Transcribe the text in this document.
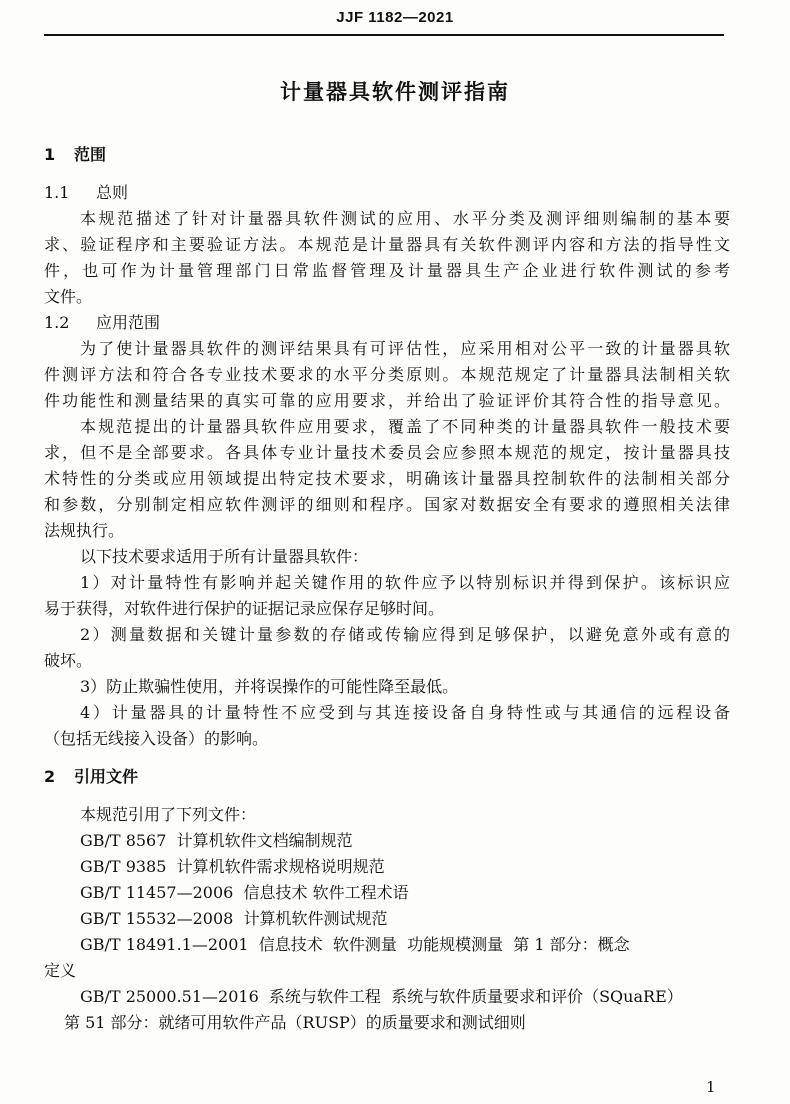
JJF 1182—2021
计量器具软件测评指南
1 范围
1.1 总则
本规范描述了针对计量器具软件测试的应用、水平分类及测评细则编制的基本要
求、验证程序和主要验证方法。本规范是计量器具有关软件测评内容和方法的指导性文
件，也可作为计量管理部门日常监督管理及计量器具生产企业进行软件测试的参考
文件。
1.2 应用范围
为了使计量器具软件的测评结果具有可评估性，应采用相对公平一致的计量器具软
件测评方法和符合各专业技术要求的水平分类原则。本规范规定了计量器具法制相关软
件功能性和测量结果的真实可靠的应用要求，并给出了验证评价其符合性的指导意见。
本规范提出的计量器具软件应用要求，覆盖了不同种类的计量器具软件一般技术要
求，但不是全部要求。各具体专业计量技术委员会应参照本规范的规定，按计量器具技
术特性的分类或应用领域提出特定技术要求，明确该计量器具控制软件的法制相关部分
和参数，分别制定相应软件测评的细则和程序。国家对数据安全有要求的遵照相关法律
法规执行。
以下技术要求适用于所有计量器具软件：
1）对计量特性有影响并起关键作用的软件应予以特别标识并得到保护。该标识应
易于获得，对软件进行保护的证据记录应保存足够时间。
2）测量数据和关键计量参数的存储或传输应得到足够保护，以避免意外或有意的
破坏。
3）防止欺骗性使用，并将误操作的可能性降至最低。
4）计量器具的计量特性不应受到与其连接设备自身特性或与其通信的远程设备
（包括无线接入设备）的影响。
2 引用文件
本规范引用了下列文件：
GB/T 8567  计算机软件文档编制规范
GB/T 9385  计算机软件需求规格说明规范
GB/T 11457—2006  信息技术 软件工程术语
GB/T 15532—2008  计算机软件测试规范
GB/T 18491.1—2001  信息技术  软件测量  功能规模测量  第 1 部分：概念
定义
GB/T 25000.51—2016  系统与软件工程  系统与软件质量要求和评价（SQuaRE）
第 51 部分：就绪可用软件产品（RUSP）的质量要求和测试细则
1
